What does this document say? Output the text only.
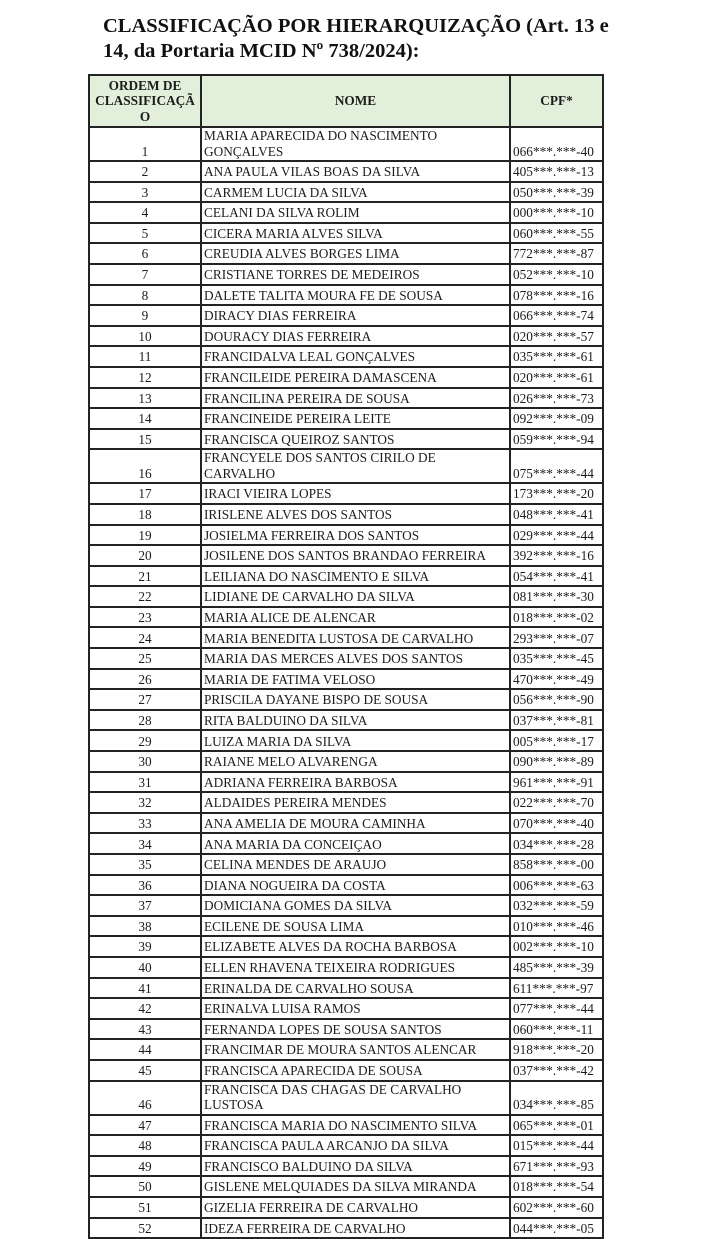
CLASSIFICAÇÃO POR HIERARQUIZAÇÃO (Art. 13 e
14, da Portaria MCID Nº 738/2024):
ORDEM DE CLASSIFICAÇÃO	NOME	CPF*
1	MARIA APARECIDA DO NASCIMENTO GONÇALVES	066***.***-40
2	ANA PAULA VILAS BOAS DA SILVA	405***.***-13
3	CARMEM LUCIA DA SILVA	050***.***-39
4	CELANI DA SILVA ROLIM	000***.***-10
5	CICERA MARIA ALVES SILVA	060***.***-55
6	CREUDIA ALVES BORGES LIMA	772***.***-87
7	CRISTIANE TORRES DE MEDEIROS	052***.***-10
8	DALETE TALITA MOURA FE DE SOUSA	078***.***-16
9	DIRACY DIAS FERREIRA	066***.***-74
10	DOURACY DIAS FERREIRA	020***.***-57
11	FRANCIDALVA LEAL GONÇALVES	035***.***-61
12	FRANCILEIDE PEREIRA DAMASCENA	020***.***-61
13	FRANCILINA PEREIRA DE SOUSA	026***.***-73
14	FRANCINEIDE PEREIRA LEITE	092***.***-09
15	FRANCISCA QUEIROZ SANTOS	059***.***-94
16	FRANCYELE DOS SANTOS CIRILO DE CARVALHO	075***.***-44
17	IRACI VIEIRA LOPES	173***.***-20
18	IRISLENE ALVES DOS SANTOS	048***.***-41
19	JOSIELMA FERREIRA DOS SANTOS	029***.***-44
20	JOSILENE DOS SANTOS BRANDAO FERREIRA	392***.***-16
21	LEILIANA DO NASCIMENTO E SILVA	054***.***-41
22	LIDIANE DE CARVALHO DA SILVA	081***.***-30
23	MARIA ALICE DE ALENCAR	018***.***-02
24	MARIA BENEDITA LUSTOSA DE CARVALHO	293***.***-07
25	MARIA DAS MERCES ALVES DOS SANTOS	035***.***-45
26	MARIA DE FATIMA VELOSO	470***.***-49
27	PRISCILA DAYANE BISPO DE SOUSA	056***.***-90
28	RITA BALDUINO DA SILVA	037***.***-81
29	LUIZA MARIA DA SILVA	005***.***-17
30	RAIANE MELO ALVARENGA	090***.***-89
31	ADRIANA FERREIRA BARBOSA	961***.***-91
32	ALDAIDES PEREIRA MENDES	022***.***-70
33	ANA AMELIA DE MOURA CAMINHA	070***.***-40
34	ANA MARIA DA CONCEIÇAO	034***.***-28
35	CELINA MENDES DE ARAUJO	858***.***-00
36	DIANA NOGUEIRA DA COSTA	006***.***-63
37	DOMICIANA GOMES DA SILVA	032***.***-59
38	ECILENE DE SOUSA LIMA	010***.***-46
39	ELIZABETE ALVES DA ROCHA BARBOSA	002***.***-10
40	ELLEN RHAVENA TEIXEIRA RODRIGUES	485***.***-39
41	ERINALDA DE CARVALHO SOUSA	611***.***-97
42	ERINALVA LUISA RAMOS	077***.***-44
43	FERNANDA LOPES DE SOUSA SANTOS	060***.***-11
44	FRANCIMAR DE MOURA SANTOS ALENCAR	918***.***-20
45	FRANCISCA APARECIDA DE SOUSA	037***.***-42
46	FRANCISCA DAS CHAGAS DE CARVALHO LUSTOSA	034***.***-85
47	FRANCISCA MARIA DO NASCIMENTO SILVA	065***.***-01
48	FRANCISCA PAULA ARCANJO DA SILVA	015***.***-44
49	FRANCISCO BALDUINO DA SILVA	671***.***-93
50	GISLENE MELQUIADES DA SILVA MIRANDA	018***.***-54
51	GIZELIA FERREIRA DE CARVALHO	602***.***-60
52	IDEZA FERREIRA DE CARVALHO	044***.***-05
